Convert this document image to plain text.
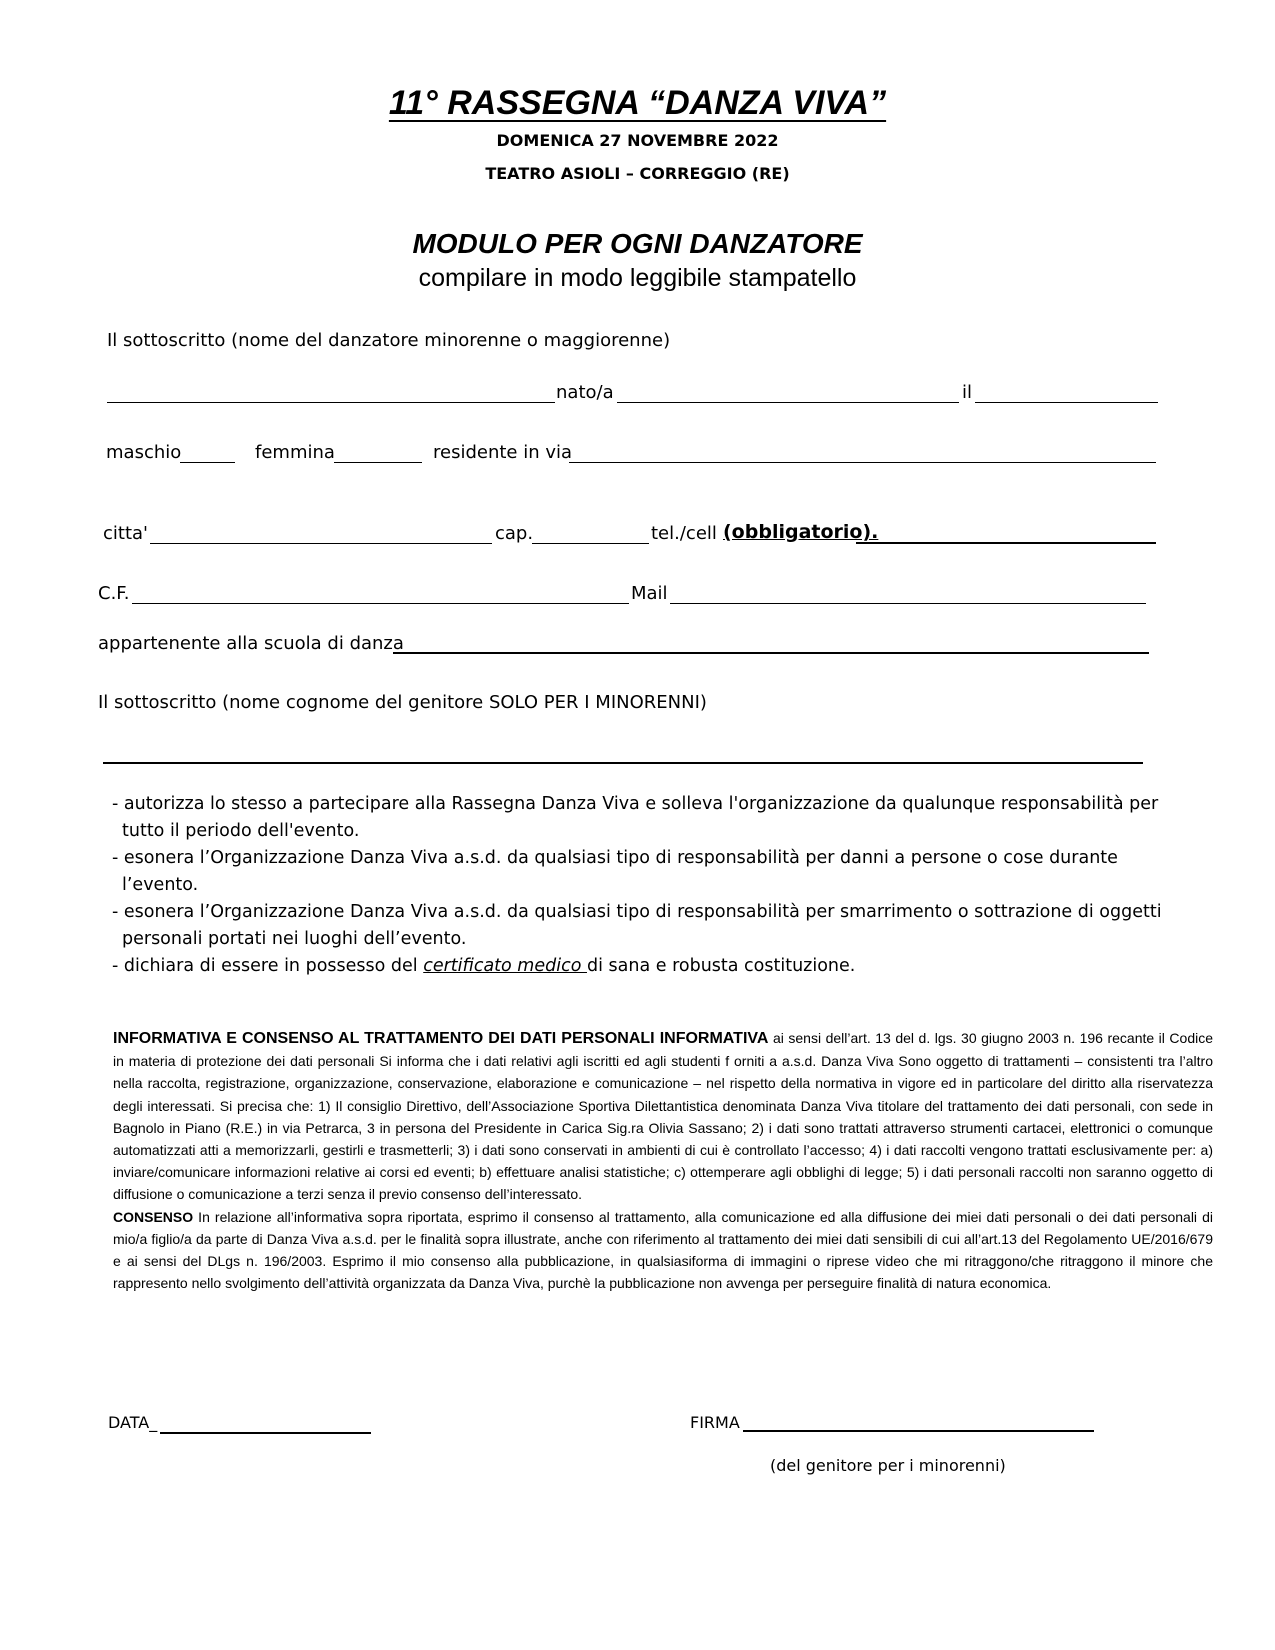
11° RASSEGNA “DANZA VIVA”
DOMENICA 27 NOVEMBRE 2022
TEATRO ASIOLI – CORREGGIO (RE)
MODULO PER OGNI DANZATORE
compilare in modo leggibile stampatello
Il sottoscritto (nome del danzatore minorenne o maggiorenne)
nato/a	il
maschio	femmina	residente in via
citta'	cap.	tel./cell (obbligatorio).
C.F.	Mail
appartenente alla scuola di danza
Il sottoscritto (nome cognome del genitore SOLO PER I MINORENNI)
- autorizza lo stesso a partecipare alla Rassegna Danza Viva e solleva l'organizzazione da qualunque responsabilità per
tutto il periodo dell'evento.
- esonera l’Organizzazione Danza Viva a.s.d. da qualsiasi tipo di responsabilità per danni a persone o cose durante
l’evento.
- esonera l’Organizzazione Danza Viva a.s.d. da qualsiasi tipo di responsabilità per smarrimento o sottrazione di oggetti
personali portati nei luoghi dell’evento.
- dichiara di essere in possesso del certificato medico di sana e robusta costituzione.
INFORMATIVA E CONSENSO AL TRATTAMENTO DEI DATI PERSONALI INFORMATIVA ai sensi dell’art. 13 del d. lgs. 30 giugno 2003 n. 196 recante il Codice in materia di protezione dei dati personali Si informa che i dati relativi agli iscritti ed agli studenti f orniti a a.s.d. Danza Viva Sono oggetto di trattamenti – consistenti tra l’altro nella raccolta, registrazione, organizzazione, conservazione, elaborazione e comunicazione – nel rispetto della normativa in vigore ed in particolare del diritto alla riservatezza degli interessati. Si precisa che: 1) Il consiglio Direttivo, dell’Associazione Sportiva Dilettantistica denominata Danza Viva titolare del trattamento dei dati personali, con sede in Bagnolo in Piano (R.E.) in via Petrarca, 3 in persona del Presidente in Carica Sig.ra Olivia Sassano; 2) i dati sono trattati attraverso strumenti cartacei, elettronici o comunque automatizzati atti a memorizzarli, gestirli e trasmetterli; 3) i dati sono conservati in ambienti di cui è controllato l’accesso; 4) i dati raccolti vengono trattati esclusivamente per: a) inviare/comunicare informazioni relative ai corsi ed eventi; b) effettuare analisi statistiche; c) ottemperare agli obblighi di legge; 5) i dati personali raccolti non saranno oggetto di diffusione o comunicazione a terzi senza il previo consenso dell’interessato.
CONSENSO In relazione all’informativa sopra riportata, esprimo il consenso al trattamento, alla comunicazione ed alla diffusione dei miei dati personali o dei dati personali di mio/a figlio/a da parte di Danza Viva a.s.d. per le finalità sopra illustrate, anche con riferimento al trattamento dei miei dati sensibili di cui all’art.13 del Regolamento UE/2016/679 e ai sensi del DLgs n. 196/2003. Esprimo il mio consenso alla pubblicazione, in qualsiasiforma di immagini o riprese video che mi ritraggono/che ritraggono il minore che rappresento nello svolgimento dell’attività organizzata da Danza Viva, purchè la pubblicazione non avvenga per perseguire finalità di natura economica.
DATA_	FIRMA
(del genitore per i minorenni)
